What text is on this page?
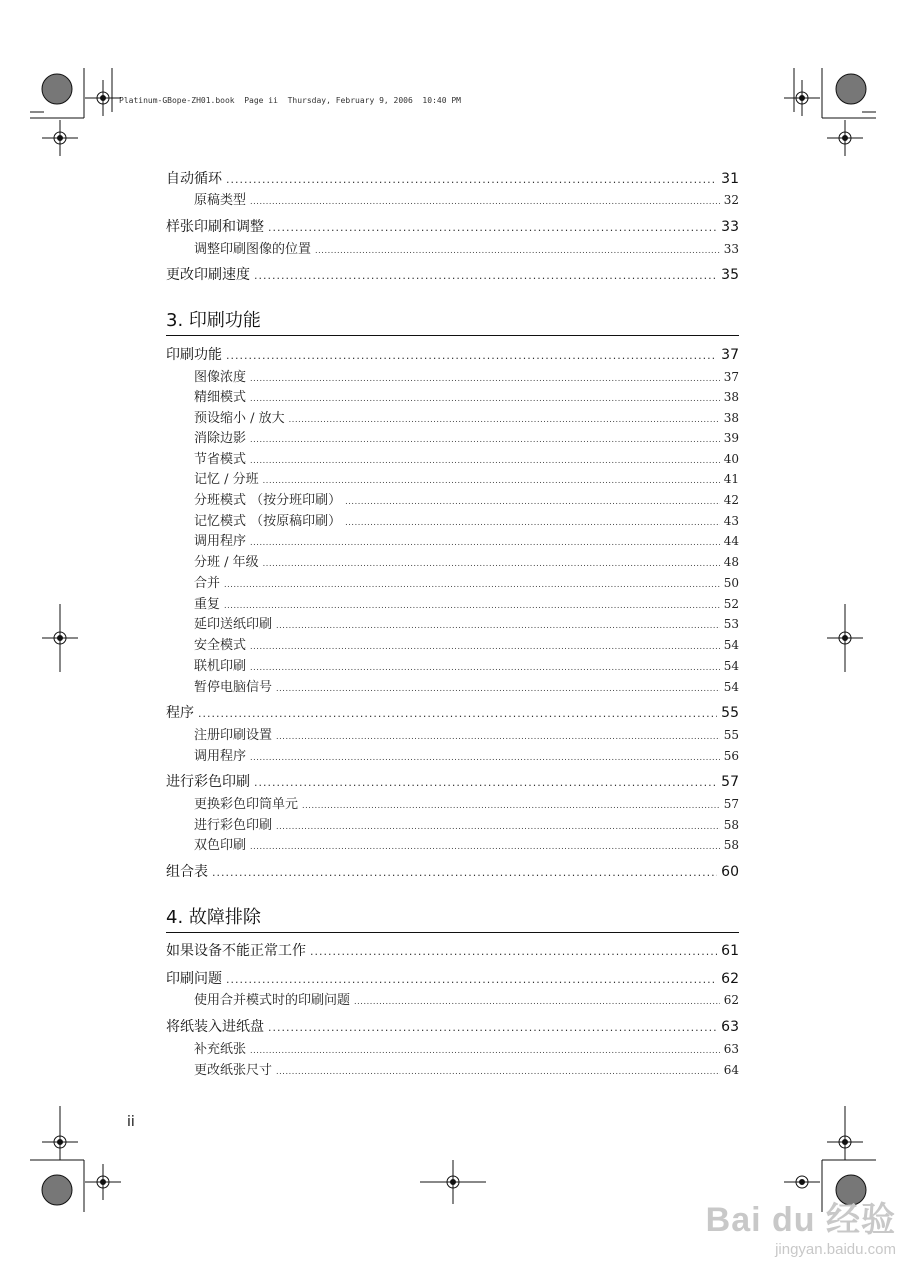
Platinum-GBope-ZH01.book  Page ii  Thursday, February 9, 2006  10:40 PM
自动循环 .....	31
原稿类型 .....	32
样张印刷和调整 .....	33
调整印刷图像的位置 .....	33
更改印刷速度 .....	35
3. 印刷功能
印刷功能 .....	37
图像浓度 .....	37
精细模式 .....	38
预设缩小 / 放大 .....	38
消除边影 .....	39
节省模式 .....	40
记忆 / 分班 .....	41
分班模式 （按分班印刷） .....	42
记忆模式 （按原稿印刷） .....	43
调用程序 .....	44
分班 / 年级 .....	48
合并 .....	50
重复 .....	52
延印送纸印刷 .....	53
安全模式 .....	54
联机印刷 .....	54
暂停电脑信号 .....	54
程序 .....	55
注册印刷设置 .....	55
调用程序 .....	56
进行彩色印刷 .....	57
更换彩色印筒单元 .....	57
进行彩色印刷 .....	58
双色印刷 .....	58
组合表 .....	60
4. 故障排除
如果设备不能正常工作 .....	61
印刷问题 .....	62
使用合并模式时的印刷问题 .....	62
将纸装入进纸盘 .....	63
补充纸张 .....	63
更改纸张尺寸 .....	64
ii
Bai du 经验
jingyan.baidu.com
